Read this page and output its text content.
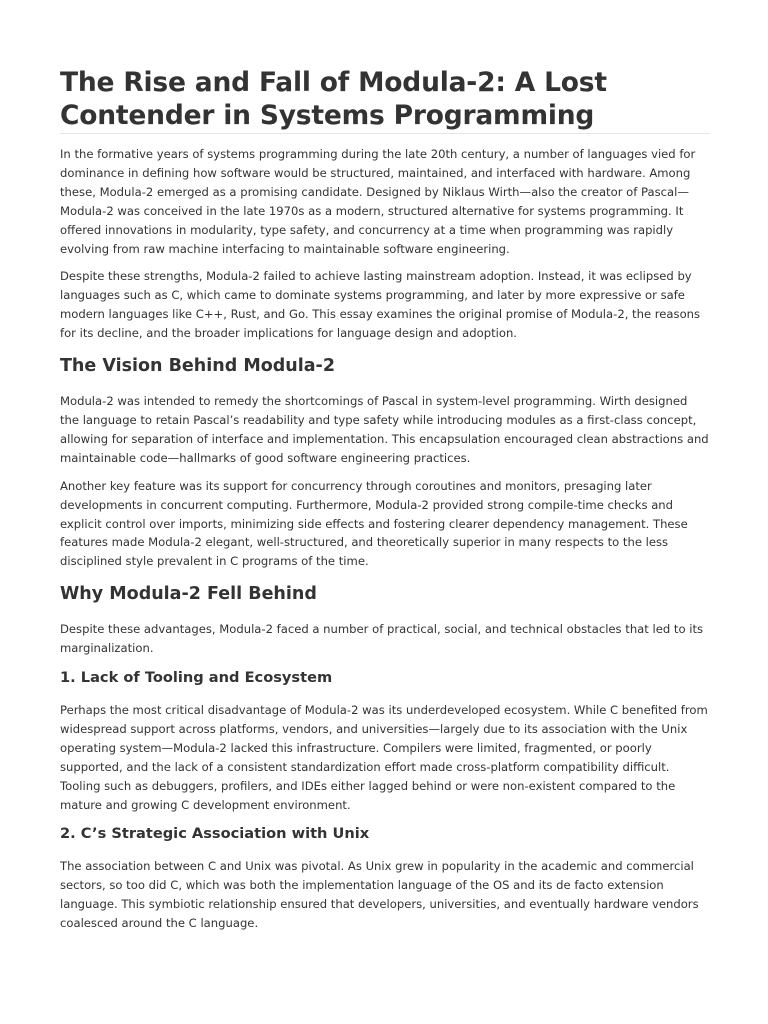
The Rise and Fall of Modula-2: A Lost Contender in Systems Programming

In the formative years of systems programming during the late 20th century, a number of languages vied for dominance in defining how software would be structured, maintained, and interfaced with hardware. Among these, Modula-2 emerged as a promising candidate. Designed by Niklaus Wirth—also the creator of Pascal—Modula-2 was conceived in the late 1970s as a modern, structured alternative for systems programming. It offered innovations in modularity, type safety, and concurrency at a time when programming was rapidly evolving from raw machine interfacing to maintainable software engineering.

Despite these strengths, Modula-2 failed to achieve lasting mainstream adoption. Instead, it was eclipsed by languages such as C, which came to dominate systems programming, and later by more expressive or safe modern languages like C++, Rust, and Go. This essay examines the original promise of Modula-2, the reasons for its decline, and the broader implications for language design and adoption.

The Vision Behind Modula-2

Modula-2 was intended to remedy the shortcomings of Pascal in system-level programming. Wirth designed the language to retain Pascal’s readability and type safety while introducing modules as a first-class concept, allowing for separation of interface and implementation. This encapsulation encouraged clean abstractions and maintainable code—hallmarks of good software engineering practices.

Another key feature was its support for concurrency through coroutines and monitors, presaging later developments in concurrent computing. Furthermore, Modula-2 provided strong compile-time checks and explicit control over imports, minimizing side effects and fostering clearer dependency management. These features made Modula-2 elegant, well-structured, and theoretically superior in many respects to the less disciplined style prevalent in C programs of the time.

Why Modula-2 Fell Behind

Despite these advantages, Modula-2 faced a number of practical, social, and technical obstacles that led to its marginalization.

1. Lack of Tooling and Ecosystem

Perhaps the most critical disadvantage of Modula-2 was its underdeveloped ecosystem. While C benefited from widespread support across platforms, vendors, and universities—largely due to its association with the Unix operating system—Modula-2 lacked this infrastructure. Compilers were limited, fragmented, or poorly supported, and the lack of a consistent standardization effort made cross-platform compatibility difficult. Tooling such as debuggers, profilers, and IDEs either lagged behind or were non-existent compared to the mature and growing C development environment.

2. C’s Strategic Association with Unix

The association between C and Unix was pivotal. As Unix grew in popularity in the academic and commercial sectors, so too did C, which was both the implementation language of the OS and its de facto extension language. This symbiotic relationship ensured that developers, universities, and eventually hardware vendors coalesced around the C language.
